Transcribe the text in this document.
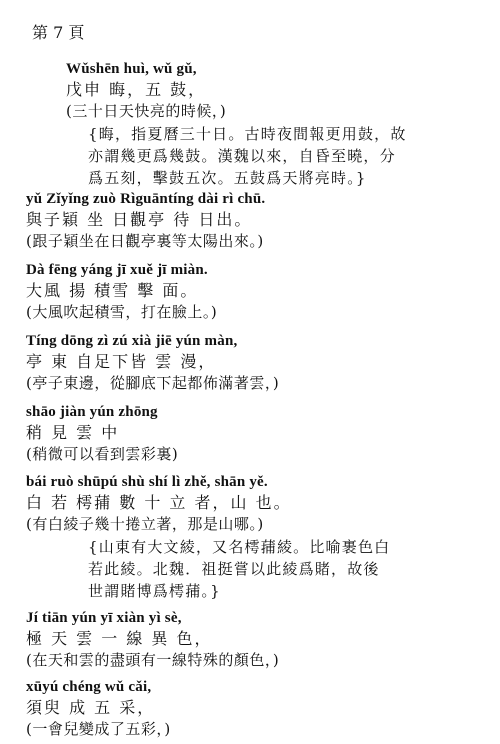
第 7 頁
Wǔshēn huì, wǔ gǔ,
戊申 晦，五 鼓，
(三十日天快亮的時候，)
{晦，指夏曆三十日。古時夜間報更用鼓，故
亦謂幾更爲幾鼓。漢魏以來，自昏至曉，分
爲五刻，擊鼓五次。五鼓爲天將亮時。}
yǔ Zǐyǐng zuò Rìguāntíng dài rì chū.
與子穎 坐 日觀亭 待 日出。
(跟子穎坐在日觀亭裏等太陽出來。)
Dà fēng yáng jī xuě jī miàn.
大風 揚 積雪 擊 面。
(大風吹起積雪，打在臉上。)
Tíng dōng zì zú xià jiē yún màn,
亭 東 自足下皆 雲 漫，
(亭子東邊，從腳底下起都佈滿著雲，)
shāo jiàn yún zhōng
稍 見 雲 中
(稍微可以看到雲彩裏)
bái ruò shūpú shù shí lì zhě, shān yě.
白 若 樗蒱 數 十 立 者，山 也。
(有白綾子幾十捲立著，那是山哪。)
{山東有大文綾，又名樗蒱綾。比喻裹色白
若此綾。北魏．祖挺嘗以此綾爲賭，故後
世謂賭博爲樗蒱。}
Jí tiān yún yī xiàn yì sè,
極 天 雲 一 線 異 色，
(在天和雲的盡頭有一線特殊的顏色，)
xūyú chéng wǔ cǎi,
須臾 成 五 采，
(一會兒變成了五彩，)
